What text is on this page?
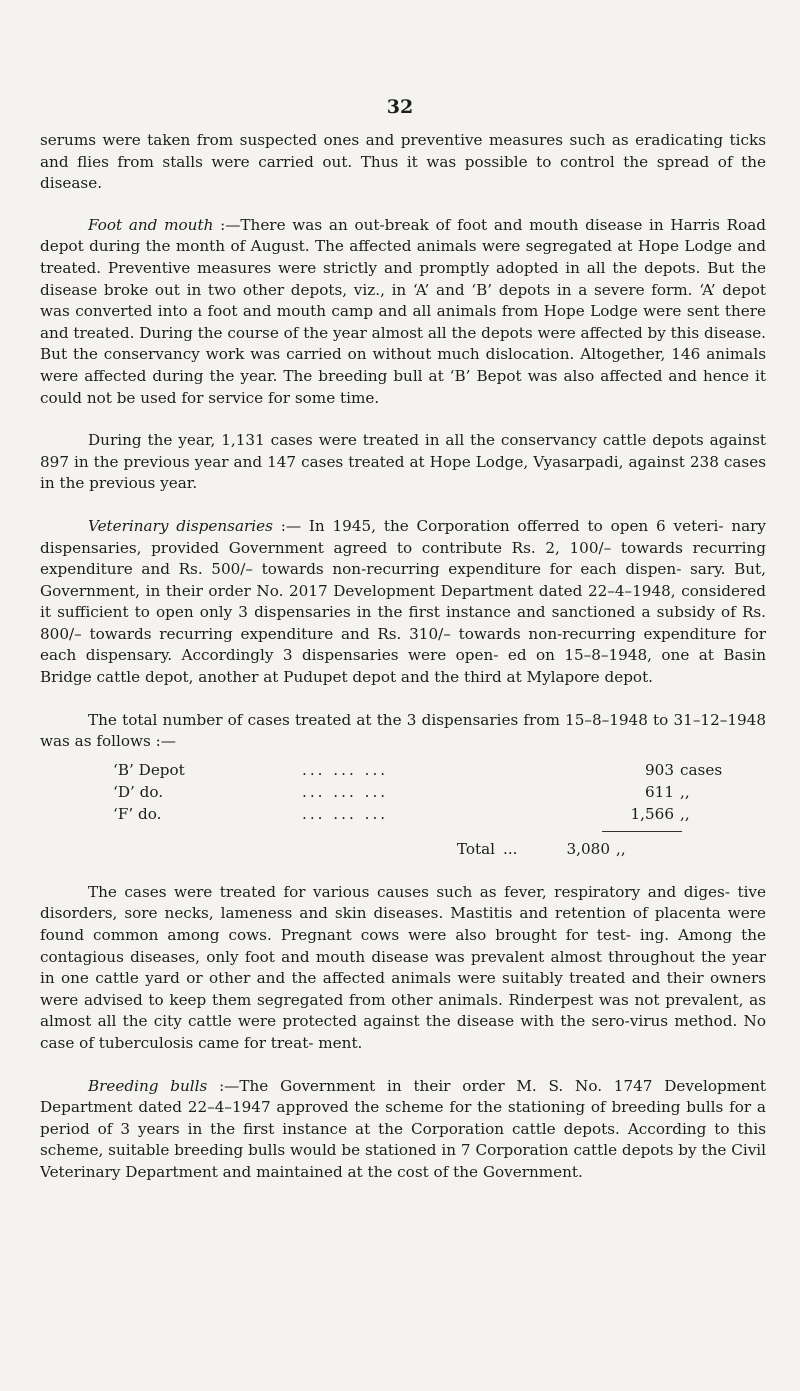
32

serums were taken from suspected ones and preventive measures such as eradicating ticks and flies from stalls were carried out. Thus it was possible to control the spread of the disease.

Foot and mouth :—There was an out-break of foot and mouth disease in Harris Road depot during the month of August. The affected animals were segregated at Hope Lodge and treated. Preventive measures were strictly and promptly adopted in all the depots. But the disease broke out in two other depots, viz., in ‘A’ and ‘B’ depots in a severe form. ‘A’ depot was converted into a foot and mouth camp and all animals from Hope Lodge were sent there and treated. During the course of the year almost all the depots were affected by this disease. But the conservancy work was carried on without much dislocation. Altogether, 146 animals were affected during the year. The breeding bull at ‘B’ Bepot was also affected and hence it could not be used for service for some time.

During the year, 1,131 cases were treated in all the conservancy cattle depots against 897 in the previous year and 147 cases treated at Hope Lodge, Vyasarpadi, against 238 cases in the previous year.

Veterinary dispensaries :— In 1945, the Corporation offerred to open 6 veteri- nary dispensaries, provided Government agreed to contribute Rs. 2, 100/– towards recurring expenditure and Rs. 500/– towards non-recurring expenditure for each dispen- sary. But, Government, in their order No. 2017 Development Department dated 22–4–1948, considered it sufficient to open only 3 dispensaries in the first instance and sanctioned a subsidy of Rs. 800/– towards recurring expenditure and Rs. 310/– towards non-recurring expenditure for each dispensary. Accordingly 3 dispensaries were open- ed on 15–8–1948, one at Basin Bridge cattle depot, another at Pudupet depot and the third at Mylapore depot.

The total number of cases treated at the 3 dispensaries from 15–8–1948 to 31–12–1948 was as follows :—

‘B’ Depot	... ... ...	903 cases
‘D’ do.	... ... ...	611 ,,
‘F’ do.	... ... ...	1,566 ,,
Total ...	3,080 ,,

The cases were treated for various causes such as fever, respiratory and diges- tive disorders, sore necks, lameness and skin diseases. Mastitis and retention of placenta were found common among cows. Pregnant cows were also brought for test- ing. Among the contagious diseases, only foot and mouth disease was prevalent almost throughout the year in one cattle yard or other and the affected animals were suitably treated and their owners were advised to keep them segregated from other animals. Rinderpest was not prevalent, as almost all the city cattle were protected against the disease with the sero-virus method. No case of tuberculosis came for treat- ment.

Breeding bulls :—The Government in their order M. S. No. 1747 Development Department dated 22–4–1947 approved the scheme for the stationing of breeding bulls for a period of 3 years in the first instance at the Corporation cattle depots. According to this scheme, suitable breeding bulls would be stationed in 7 Corporation cattle depots by the Civil Veterinary Department and maintained at the cost of the Government.
